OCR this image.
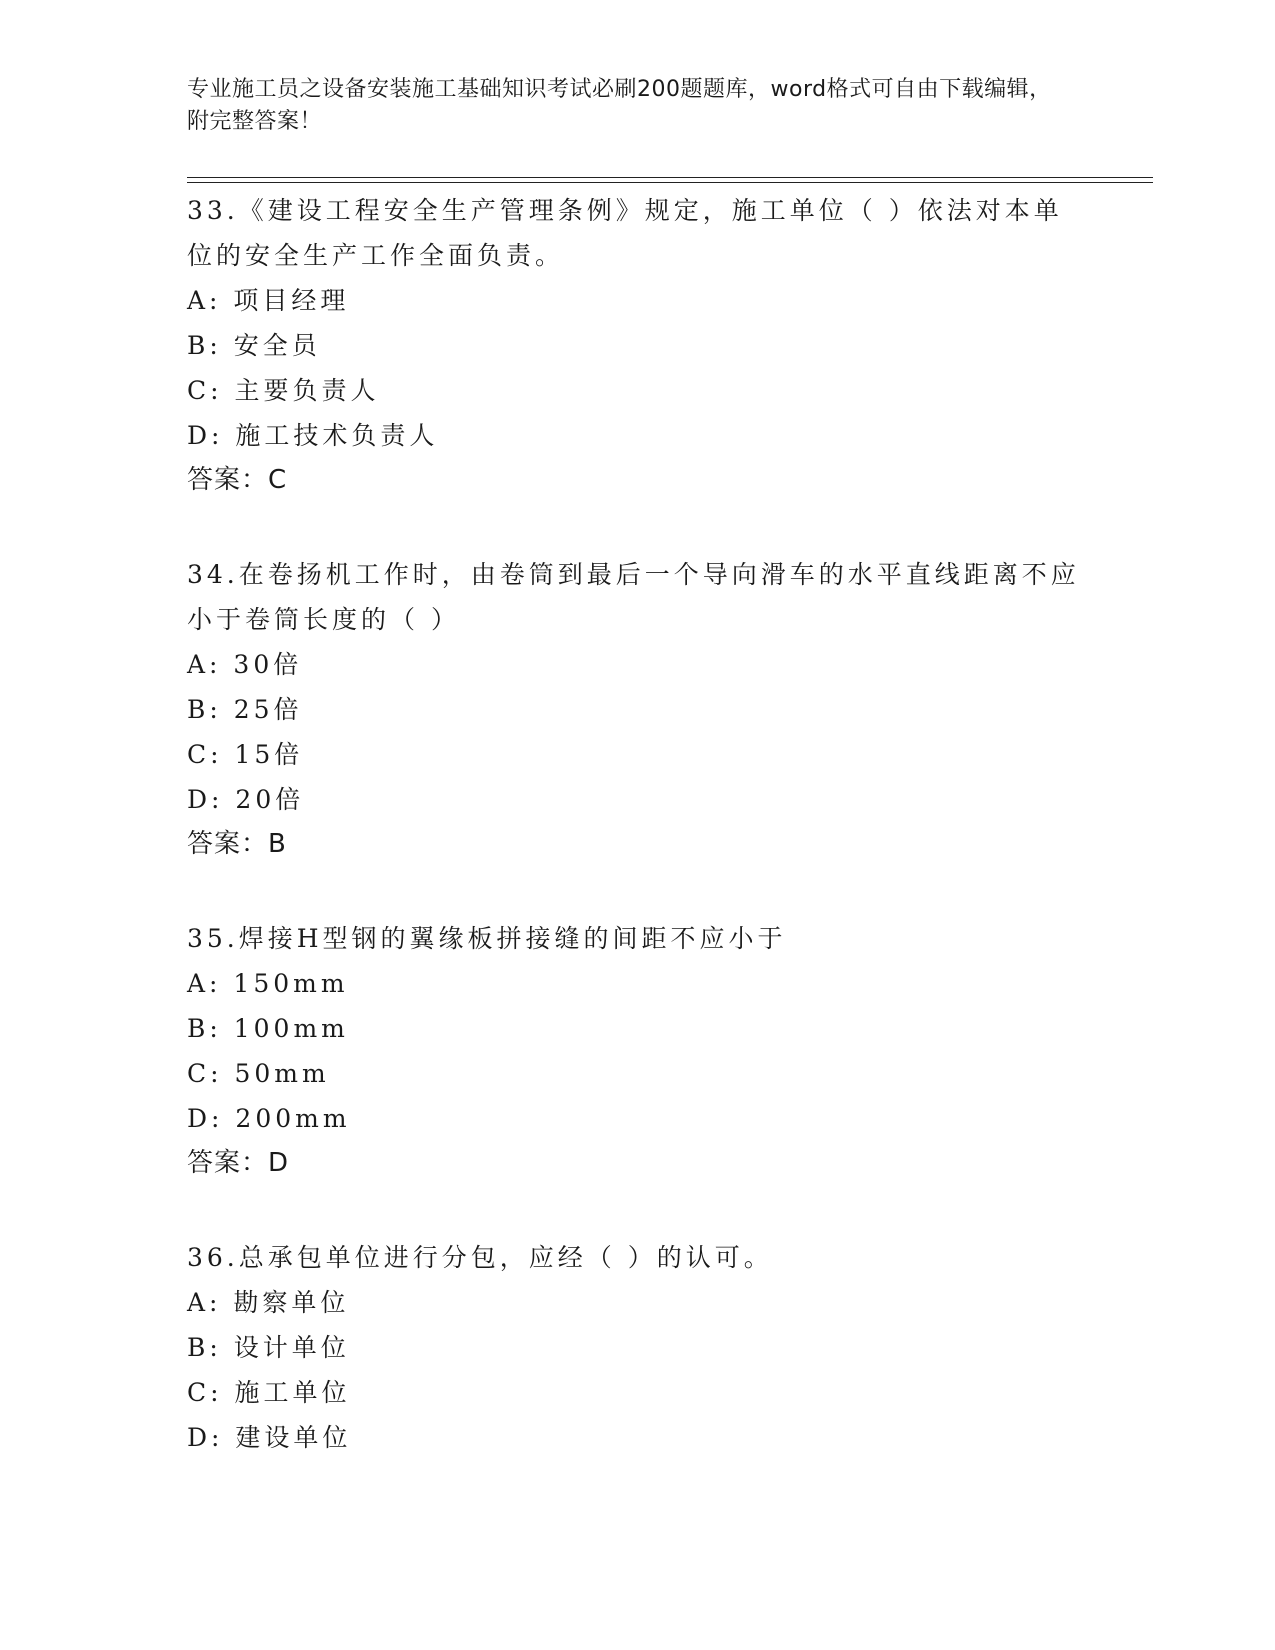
专业施工员之设备安装施工基础知识考试必刷200题题库，word格式可自由下载编辑，附完整答案！
33.《建设工程安全生产管理条例》规定，施工单位（ ）依法对本单位的安全生产工作全面负责。
A: 项目经理
B: 安全员
C: 主要负责人
D: 施工技术负责人
答案：C
34.在卷扬机工作时，由卷筒到最后一个导向滑车的水平直线距离不应小于卷筒长度的（ ）
A: 30倍
B: 25倍
C: 15倍
D: 20倍
答案：B
35.焊接H型钢的翼缘板拼接缝的间距不应小于
A: 150mm
B: 100mm
C: 50mm
D: 200mm
答案：D
36.总承包单位进行分包，应经（ ）的认可。
A: 勘察单位
B: 设计单位
C: 施工单位
D: 建设单位
